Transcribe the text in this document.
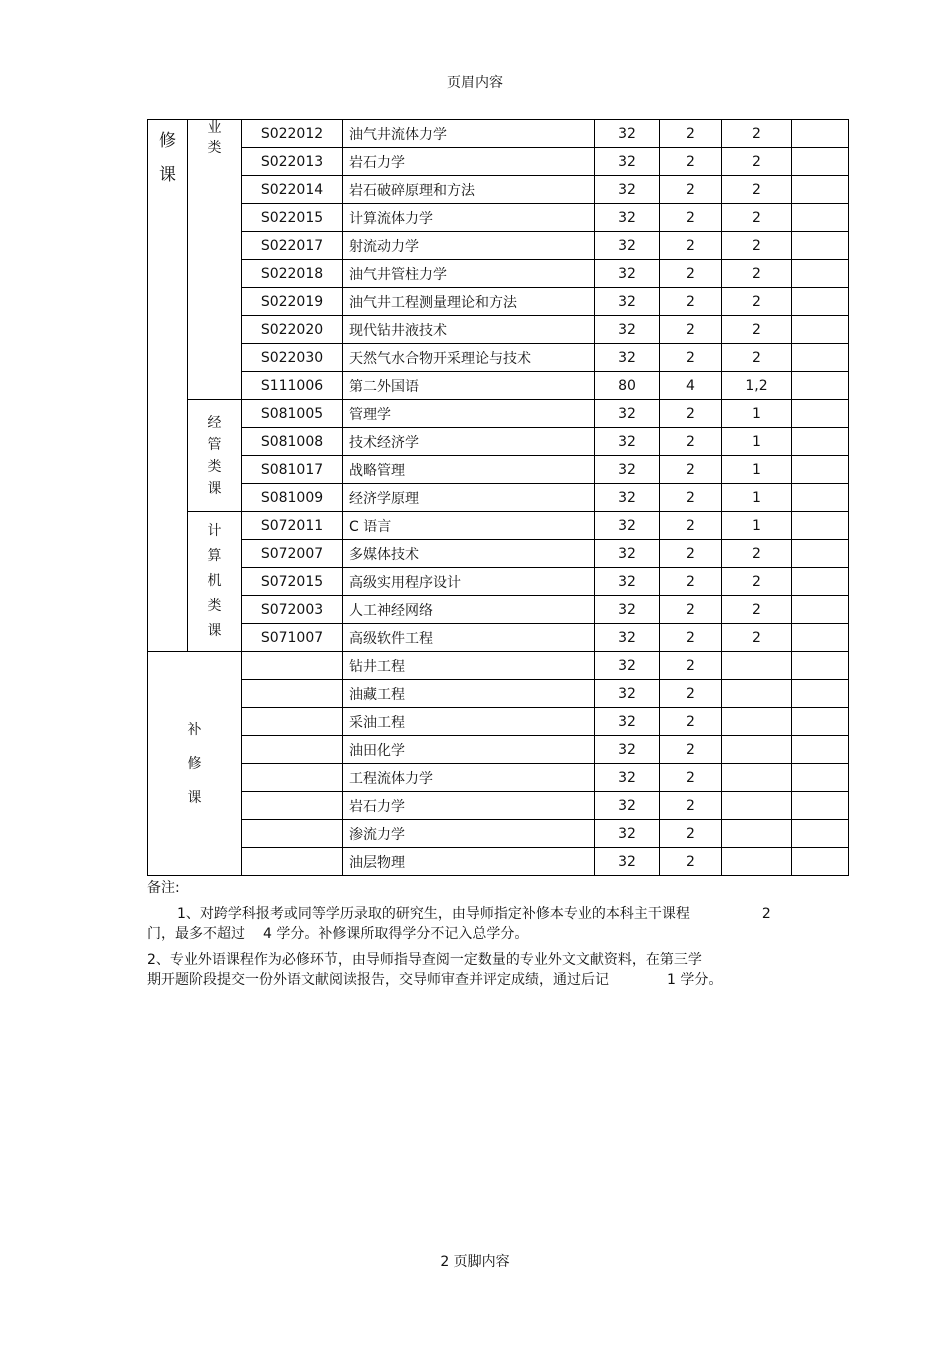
页眉内容
修
课	业
类	S022012	油气井流体力学	32	2	2	
		S022013	岩石力学	32	2	2	
		S022014	岩石破碎原理和方法	32	2	2	
		S022015	计算流体力学	32	2	2	
		S022017	射流动力学	32	2	2	
		S022018	油气井管柱力学	32	2	2	
		S022019	油气井工程测量理论和方法	32	2	2	
		S022020	现代钻井液技术	32	2	2	
		S022030	天然气水合物开采理论与技术	32	2	2	
		S111006	第二外国语	80	4	1,2	
	经
管
类
课	S081005	管理学	32	2	1	
		S081008	技术经济学	32	2	1	
		S081017	战略管理	32	2	1	
		S081009	经济学原理	32	2	1	
	计
算
机
类
课	S072011	C 语言	32	2	1	
		S072007	多媒体技术	32	2	2	
		S072015	高级实用程序设计	32	2	2	
		S072003	人工神经网络	32	2	2	
		S071007	高级软件工程	32	2	2	
补
修
课			钻井工程	32	2		
			油藏工程	32	2		
			采油工程	32	2		
			油田化学	32	2		
			工程流体力学	32	2		
			岩石力学	32	2		
			渗流力学	32	2		
			油层物理	32	2		

备注:

1、对跨学科报考或同等学历录取的研究生，由导师指定补修本专业的本科主干课程	2

门，最多不超过 4 学分。补修课所取得学分不记入总学分。

2、专业外语课程作为必修环节，由导师指导查阅一定数量的专业外文文献资料，在第三学

期开题阶段提交一份外语文献阅读报告，交导师审查并评定成绩，通过后记	1 学分。

2 页脚内容
